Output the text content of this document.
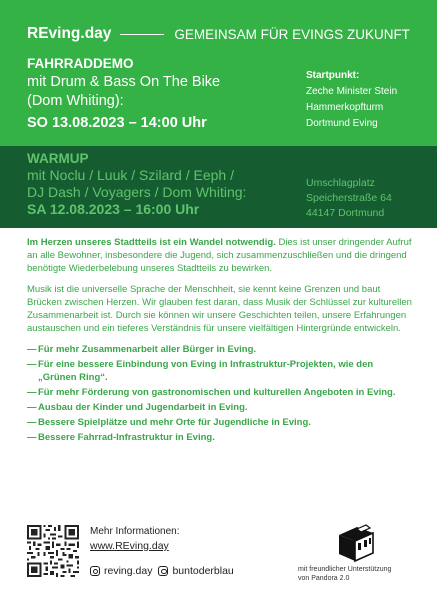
REving.day	GEMEINSAM FÜR EVINGS ZUKUNFT
FAHRRADDEMO
mit Drum & Bass On The Bike
(Dom Whiting):
SO 13.08.2023 – 14:00 Uhr
Startpunkt:
Zeche Minister Stein
Hammerkopfturm
Dortmund Eving
WARMUP
mit Noclu / Luuk / Szilard / Eeph /
DJ Dash / Voyagers / Dom Whiting:
SA 12.08.2023 – 16:00 Uhr
Umschlagplatz
Speicherstraße 64
44147 Dortmund

Im Herzen unseres Stadtteils ist ein Wandel notwendig. Dies ist unser dringender Aufruf an alle Bewohner, insbesondere die Jugend, sich zusammenzuschließen und die dringend benötigte Wiederbelebung unseres Stadtteils zu bewirken.

Musik ist die universelle Sprache der Menschheit, sie kennt keine Grenzen und baut Brücken zwischen Herzen. Wir glauben fest daran, dass Musik der Schlüssel zur kulturellen Zusammenarbeit ist. Durch sie können wir unsere Geschichten teilen, unsere Erfahrungen austauschen und ein tieferes Verständnis für unsere vielfältigen Hintergründe entwickeln.

— Für mehr Zusammenarbeit aller Bürger in Eving.
— Für eine bessere Einbindung von Eving in Infrastruktur-Projekten, wie den „Grünen Ring“.
— Für mehr Förderung von gastronomischen und kulturellen Angeboten in Eving.
— Ausbau der Kinder und Jugendarbeit in Eving.
— Bessere Spielplätze und mehr Orte für Jugendliche in Eving.
— Bessere Fahrrad-Infrastruktur in Eving.
Mehr Informationen:
www.REving.day
reving.day buntoderblau	mit freundlicher Unterstützung
von Pandora 2.0
